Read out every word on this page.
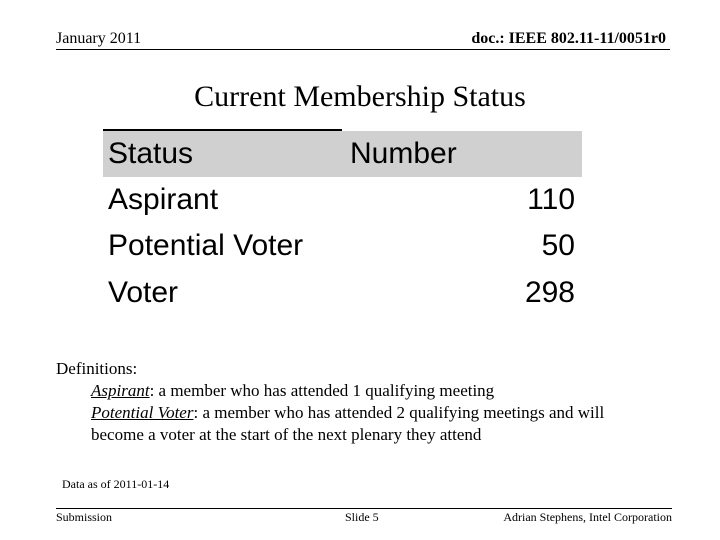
January 2011	doc.: IEEE 802.11-11/0051r0
Current Membership Status
Status	Number
Aspirant	110
Potential Voter	50
Voter	298
Definitions:
Aspirant: a member who has attended 1 qualifying meeting
Potential Voter: a member who has attended 2 qualifying meetings and will
become a voter at the start of the next plenary they attend
Data as of 2011-01-14
Submission	Slide 5	Adrian Stephens, Intel Corporation
